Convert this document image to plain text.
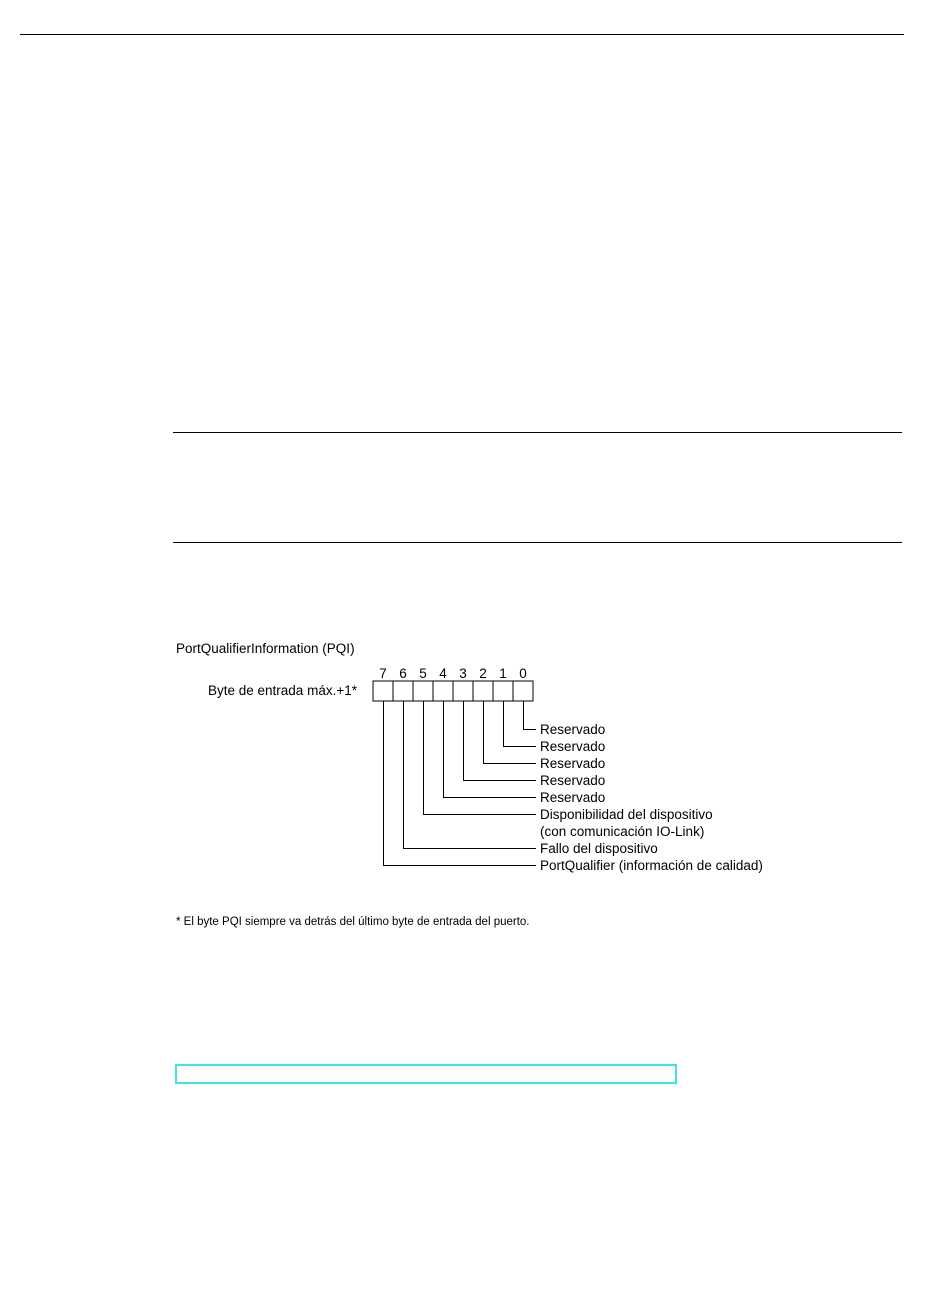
PortQualifierInformation (PQI)
Byte de entrada máx.+1*
7 6 5 4 3 2 1 0
Reservado
Reservado
Reservado
Reservado
Reservado
Disponibilidad del dispositivo
(con comunicación IO-Link)
Fallo del dispositivo
PortQualifier (información de calidad)
* El byte PQI siempre va detrás del último byte de entrada del puerto.
